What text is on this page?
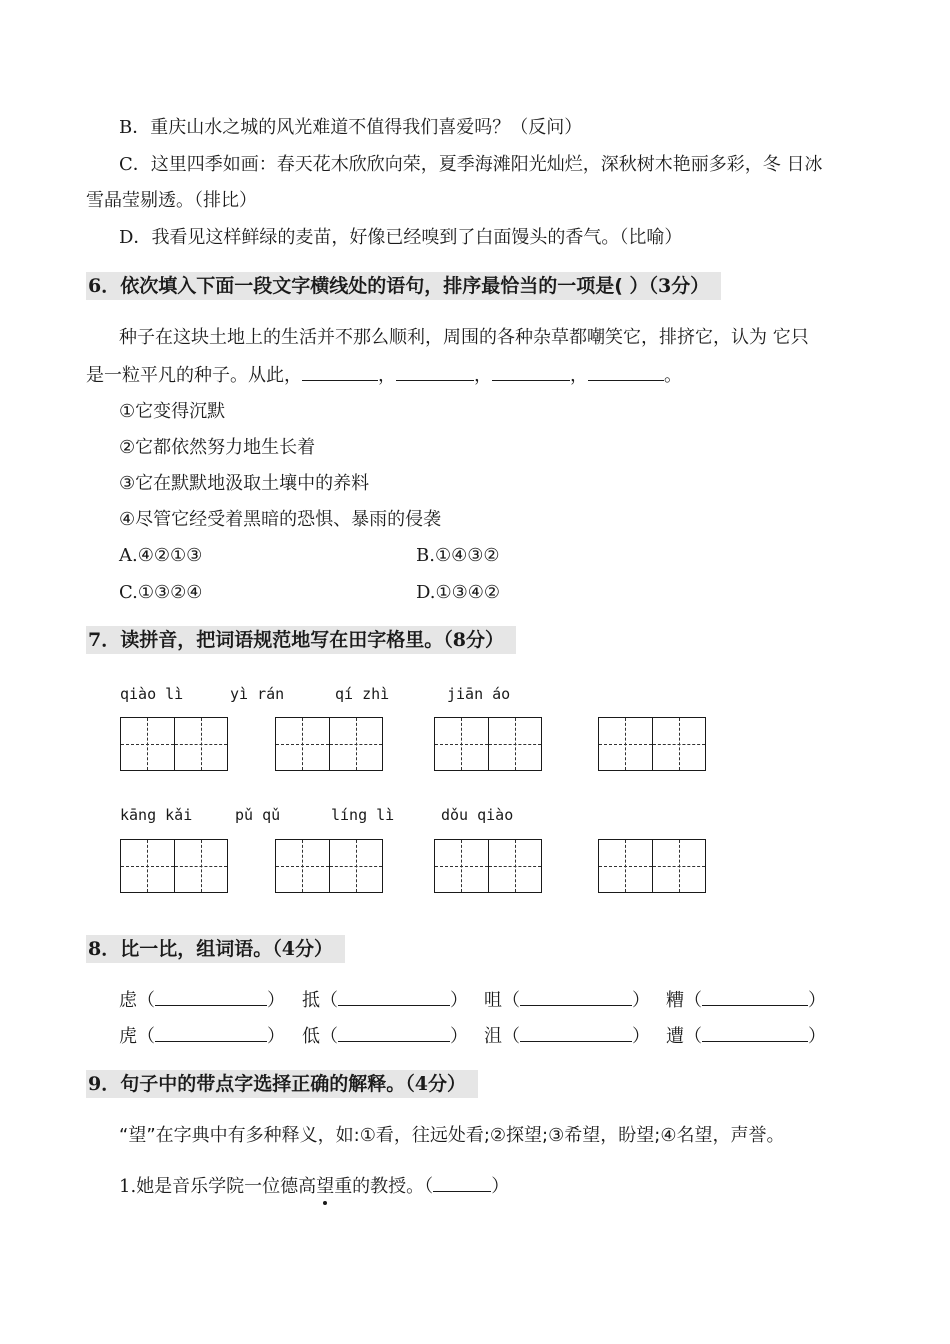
B．重庆山水之城的风光难道不值得我们喜爱吗？（反问）
C．这里四季如画：春天花木欣欣向荣，夏季海滩阳光灿烂，深秋树木艳丽多彩，冬 日冰
雪晶莹剔透。（排比）
D．我看见这样鲜绿的麦苗，好像已经嗅到了白面馒头的香气。（比喻）
6．依次填入下面一段文字横线处的语句，排序最恰当的一项是( ）（3分）
种子在这块土地上的生活并不那么顺利，周围的各种杂草都嘲笑它，排挤它，认为 它只
是一粒平凡的种子。从此，	，	，	，	。
①它变得沉默
②它都依然努力地生长着
③它在默默地汲取土壤中的养料
④尽管它经受着黑暗的恐惧、暴雨的侵袭
A.④②①③	B.①④③②
C.①③②④	D.①③④②
7．读拼音，把词语规范地写在田字格里。（8分）
qiào lì	yì rán	qí zhì	jiān áo
kāng kǎi	pǔ qǔ	líng lì	dǒu qiào
8．比一比，组词语。（4分）
虑（	） 抵（	） 咀（	） 糟（	）
虎（	） 低（	） 沮（	） 遭（	）
9．句子中的带点字选择正确的解释。（4分）
“望”在字典中有多种释义，如:①看，往远处看;②探望;③希望，盼望;④名望，声誉。
1.她是音乐学院一位德高望重的教授。（	）
